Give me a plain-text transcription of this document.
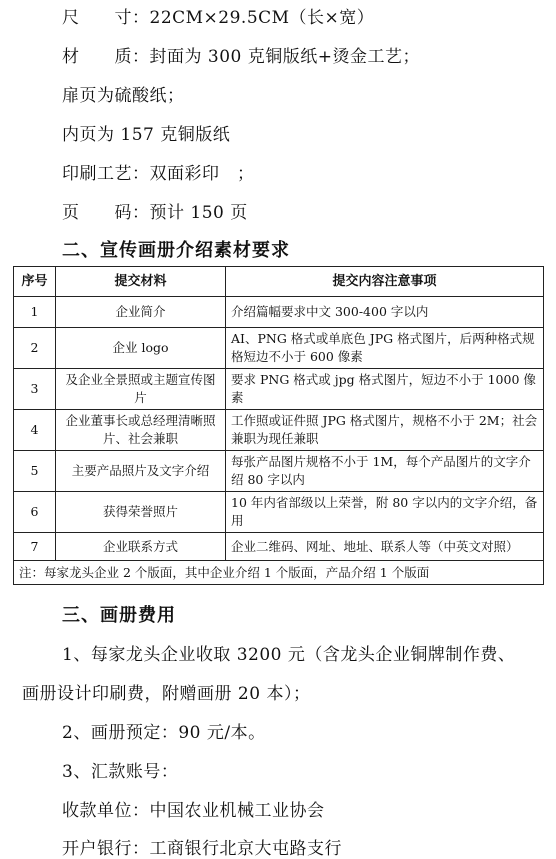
尺　　寸：22CM×29.5CM（长×宽）
材　　质：封面为 300 克铜版纸+烫金工艺；
扉页为硫酸纸；
内页为 157 克铜版纸
印刷工艺：双面彩印　；
页　　码：预计 150 页
二、宣传画册介绍素材要求
序号	提交材料	提交内容注意事项
1	企业简介	介绍篇幅要求中文 300-400 字以内
2	企业 logo	AI、PNG 格式或单底色 JPG 格式图片，后两种格式规格短边不小于 600 像素
3	及企业全景照或主题宣传图片	要求 PNG 格式或 jpg 格式图片，短边不小于 1000 像素
4	企业董事长或总经理清晰照片、社会兼职	工作照或证件照 JPG 格式图片，规格不小于 2M；社会兼职为现任兼职
5	主要产品照片及文字介绍	每张产品图片规格不小于 1M，每个产品图片的文字介绍 80 字以内
6	获得荣誉照片	10 年内省部级以上荣誉，附 80 字以内的文字介绍，备用
7	企业联系方式	企业二维码、网址、地址、联系人等（中英文对照）
注：每家龙头企业 2 个版面，其中企业介绍 1 个版面，产品介绍 1 个版面		
三、画册费用
1、每家龙头企业收取 3200 元（含龙头企业铜牌制作费、
画册设计印刷费，附赠画册 20 本）；
2、画册预定：90 元/本。
3、汇款账号：
收款单位：中国农业机械工业协会
开户银行：工商银行北京大屯路支行
